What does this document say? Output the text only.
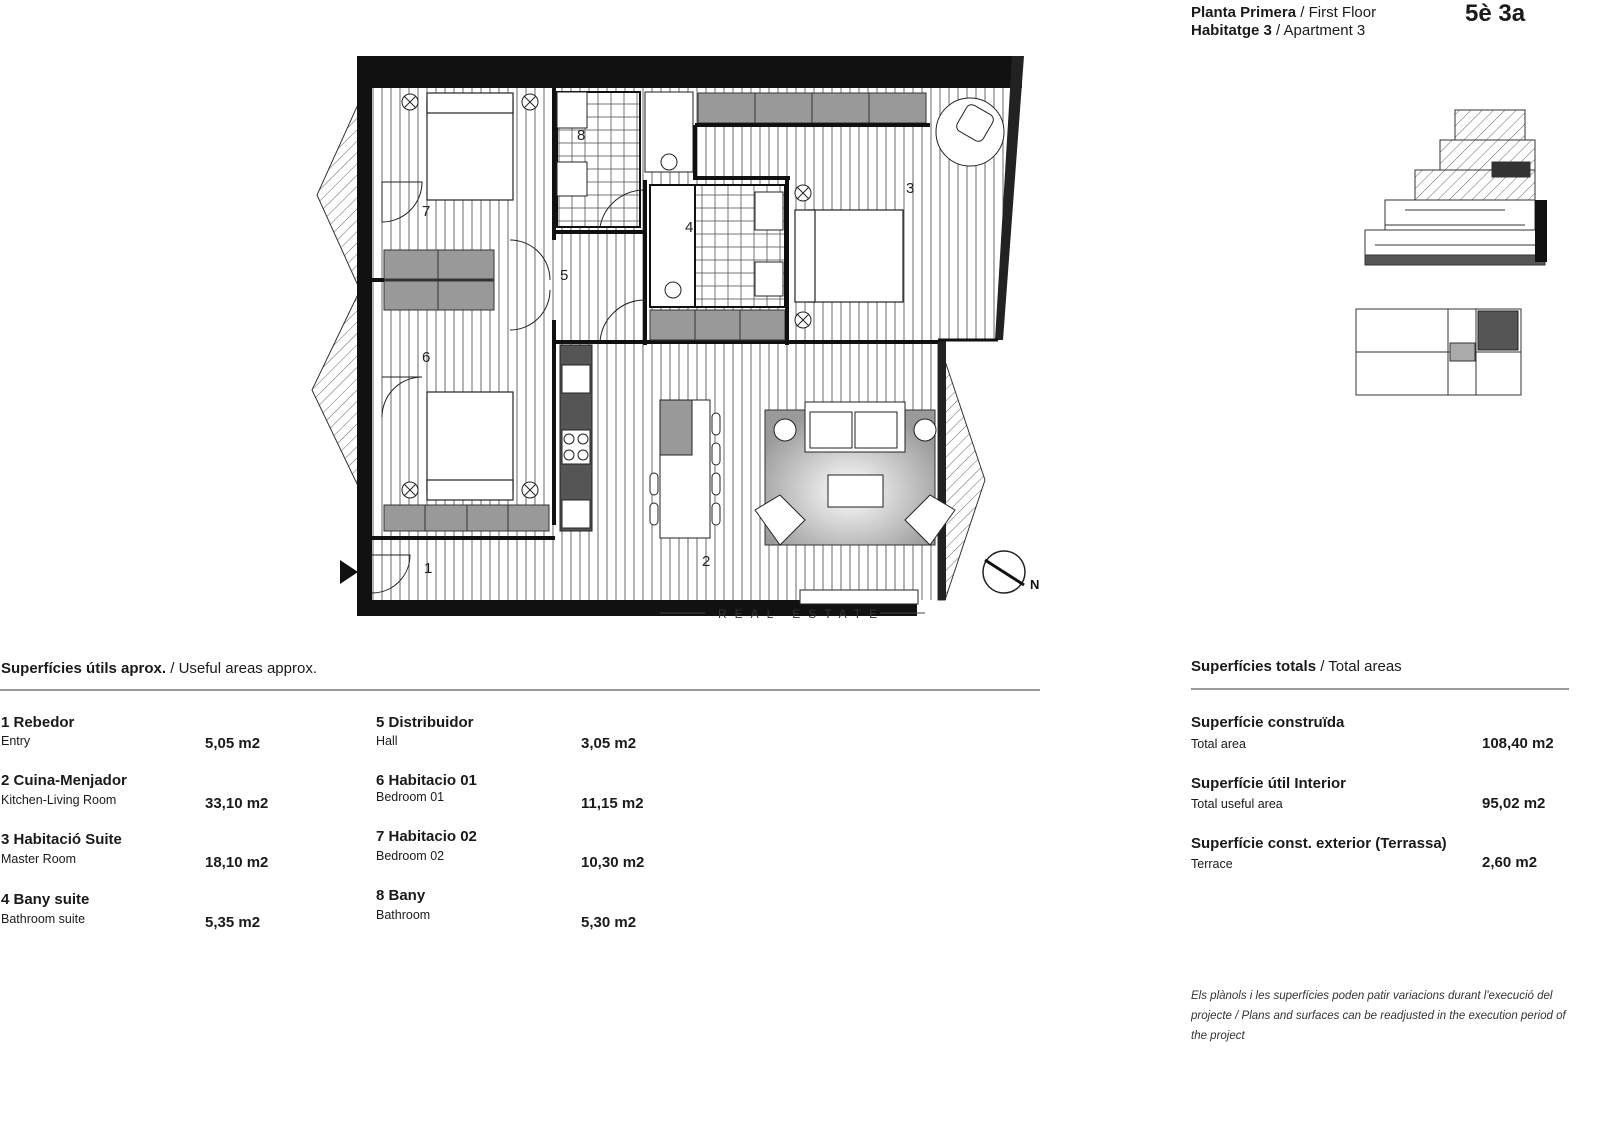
Planta Primera / First Floor
Habitatge 3 / Apartment 3
5è 3a
1	2
3
4
5
6
7
8
REAL ESTATE
N
Superfícies útils aprox. / Useful areas approx.
1 Rebedor
Entry	5,05 m2
2 Cuina-Menjador
Kitchen-Living Room	33,10 m2
3 Habitació Suite
Master Room	18,10 m2
4 Bany suite
Bathroom suite	5,35 m2
5 Distribuidor
Hall	3,05 m2
6 Habitacio 01
Bedroom 01	11,15 m2
7 Habitacio 02
Bedroom 02	10,30 m2
8 Bany
Bathroom	5,30 m2
Superfícies totals / Total areas
Superfície construïda
Total area	108,40 m2
Superfície útil Interior
Total useful area	95,02 m2
Superfície const. exterior (Terrassa)
Terrace	2,60 m2
Els plànols i les superfícies poden patir variacions durant l'execució del projecte / Plans and surfaces can be readjusted in the execution period of the project
